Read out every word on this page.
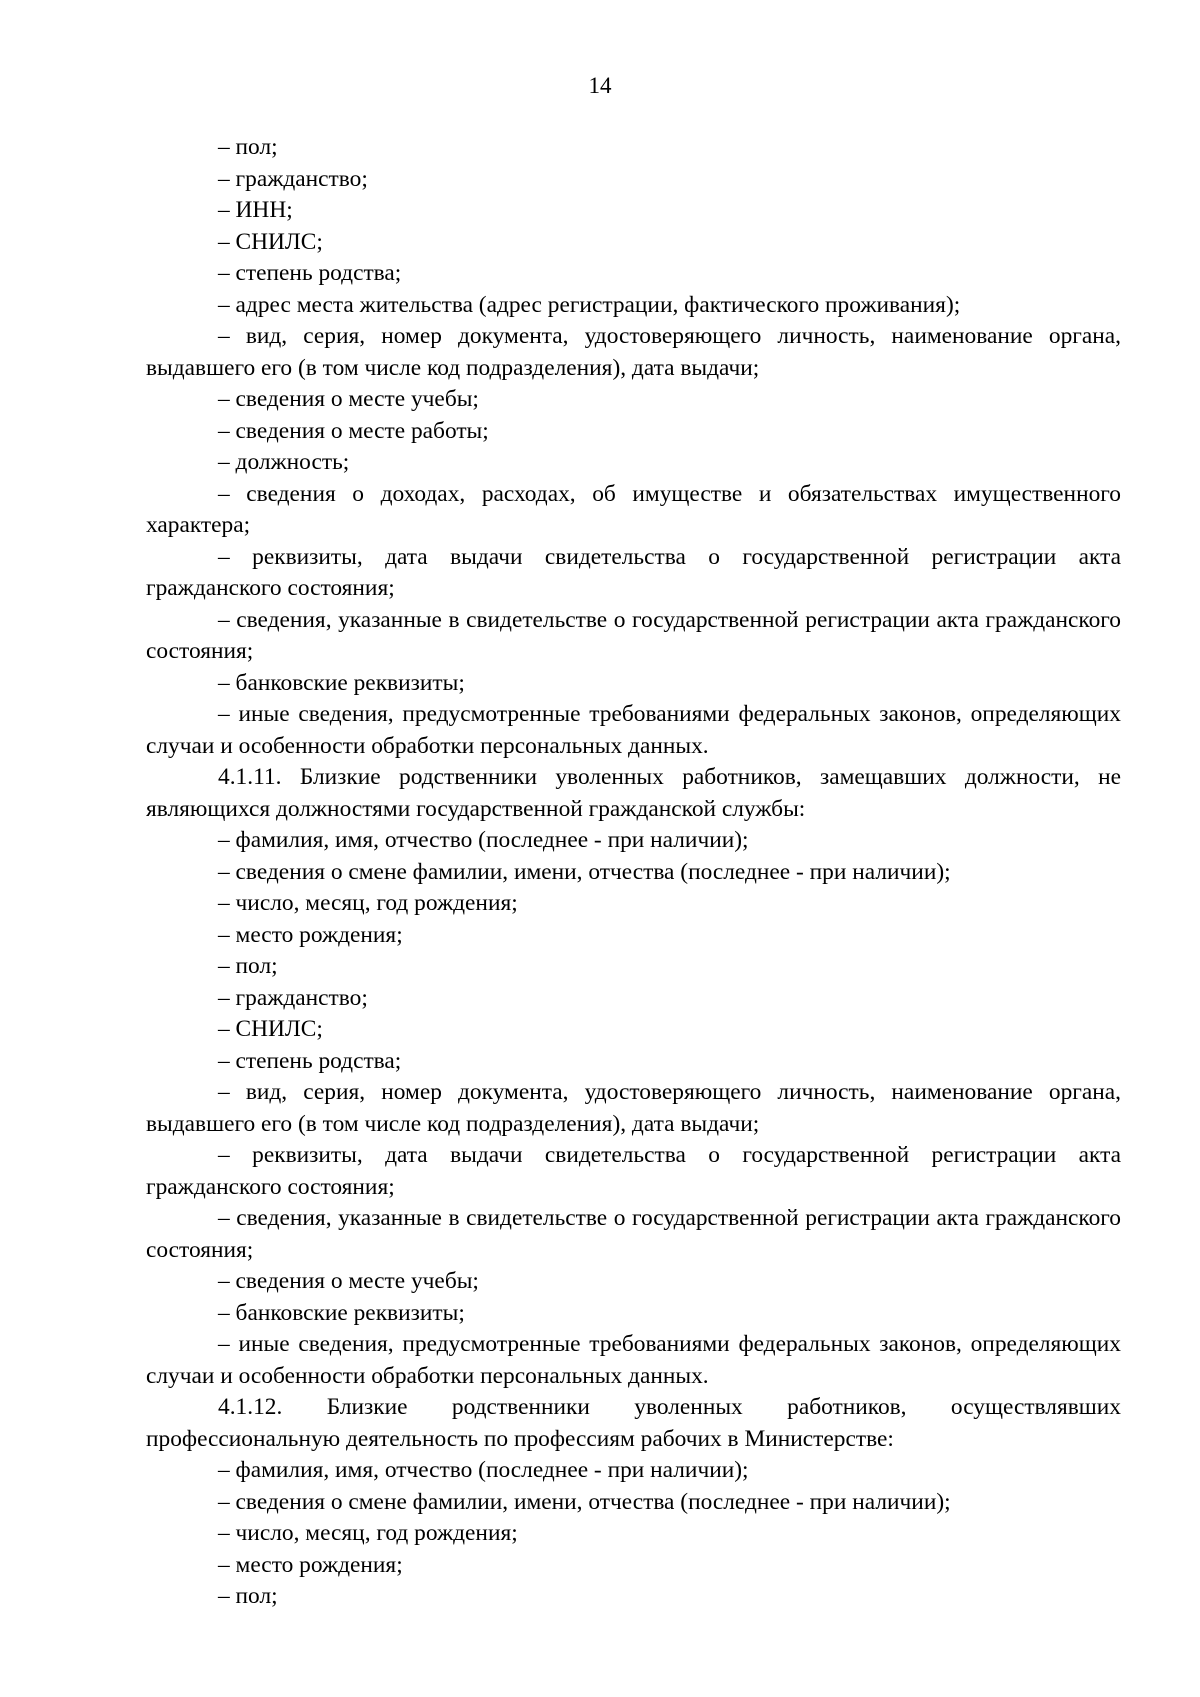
14

– пол;

– гражданство;

– ИНН;

– СНИЛС;

– степень родства;

– адрес места жительства (адрес регистрации, фактического проживания);

– вид, серия, номер документа, удостоверяющего личность, наименование органа, выдавшего его (в том числе код подразделения), дата выдачи;

– сведения о месте учебы;

– сведения о месте работы;

– должность;

– сведения о доходах, расходах, об имуществе и обязательствах имущественного характера;

– реквизиты, дата выдачи свидетельства о государственной регистрации акта гражданского состояния;

– сведения, указанные в свидетельстве о государственной регистрации акта гражданского состояния;

– банковские реквизиты;

– иные сведения, предусмотренные требованиями федеральных законов, определяющих случаи и особенности обработки персональных данных.

4.1.11. Близкие родственники уволенных работников, замещавших должности, не являющихся должностями государственной гражданской службы:

– фамилия, имя, отчество (последнее - при наличии);

– сведения о смене фамилии, имени, отчества (последнее - при наличии);

– число, месяц, год рождения;

– место рождения;

– пол;

– гражданство;

– СНИЛС;

– степень родства;

– вид, серия, номер документа, удостоверяющего личность, наименование органа, выдавшего его (в том числе код подразделения), дата выдачи;

– реквизиты, дата выдачи свидетельства о государственной регистрации акта гражданского состояния;

– сведения, указанные в свидетельстве о государственной регистрации акта гражданского состояния;

– сведения о месте учебы;

– банковские реквизиты;

– иные сведения, предусмотренные требованиями федеральных законов, определяющих случаи и особенности обработки персональных данных.

4.1.12. Близкие родственники уволенных работников, осуществлявших профессиональную деятельность по профессиям рабочих в Министерстве:

– фамилия, имя, отчество (последнее - при наличии);

– сведения о смене фамилии, имени, отчества (последнее - при наличии);

– число, месяц, год рождения;

– место рождения;

– пол;
